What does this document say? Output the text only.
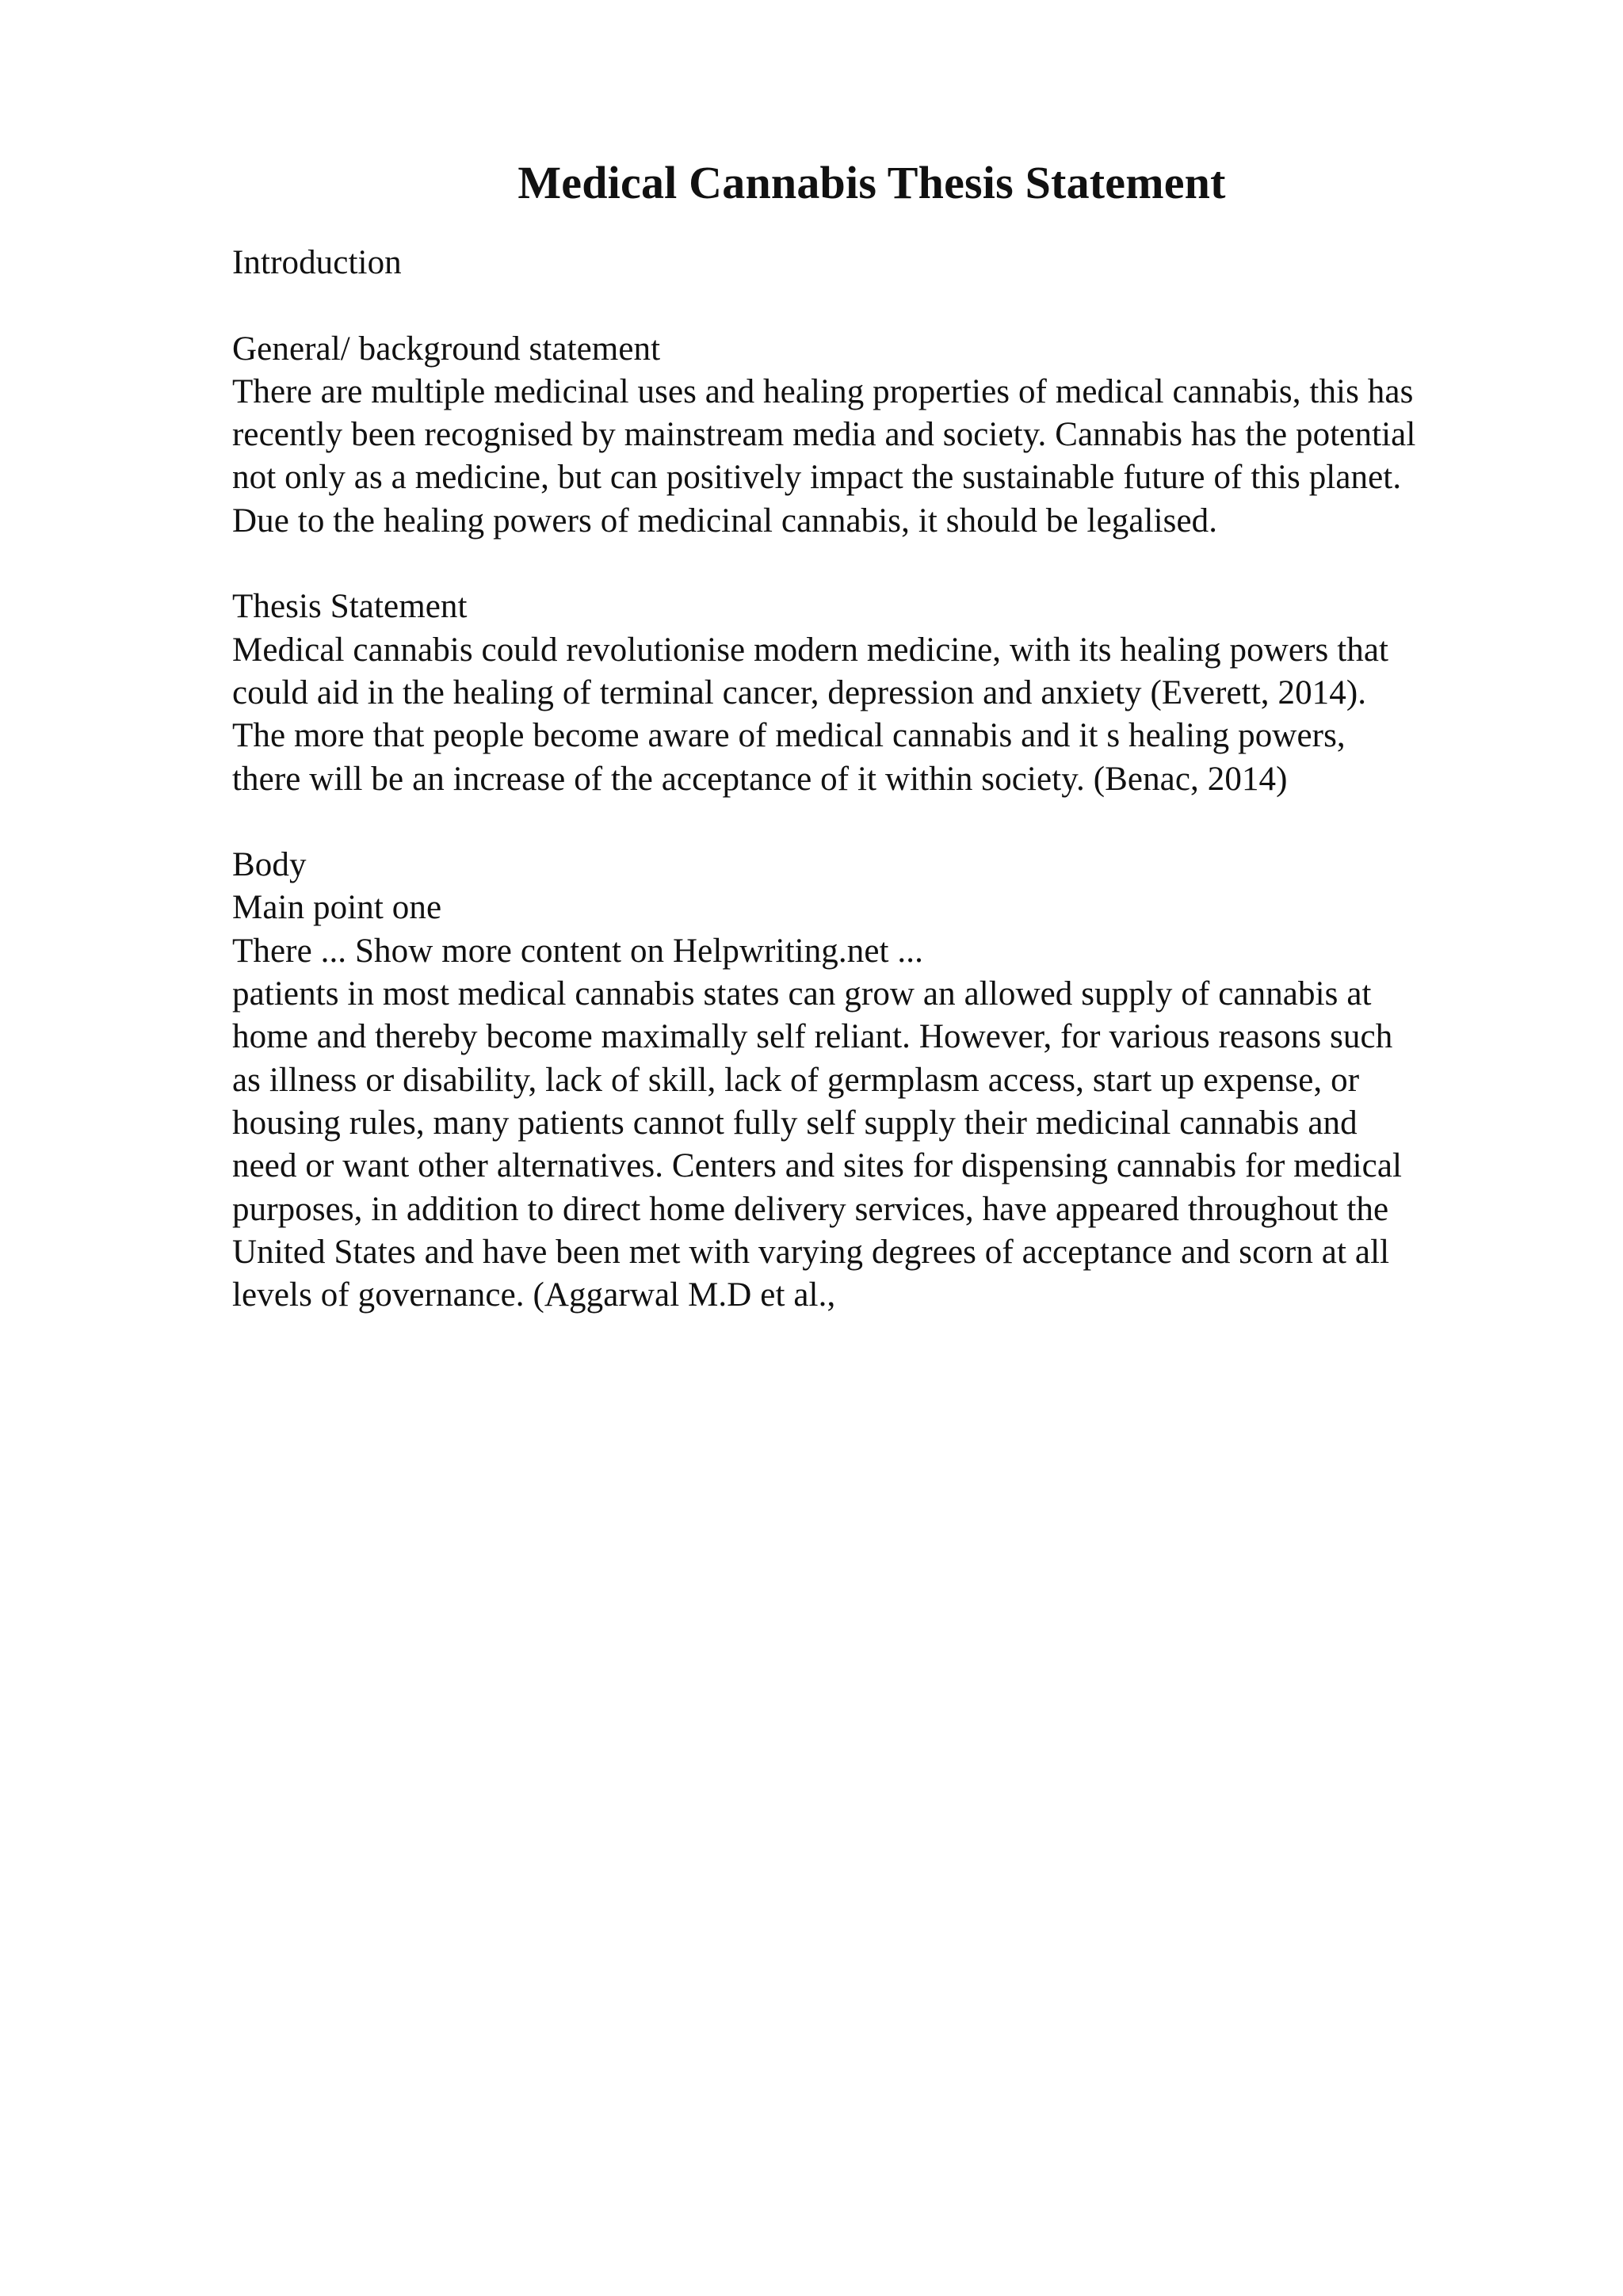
Medical Cannabis Thesis Statement

Introduction

General/ background statement

There are multiple medicinal uses and healing properties of medical cannabis, this has
recently been recognised by mainstream media and society. Cannabis has the potential
not only as a medicine, but can positively impact the sustainable future of this planet.
Due to the healing powers of medicinal cannabis, it should be legalised.

Thesis Statement

Medical cannabis could revolutionise modern medicine, with its healing powers that
could aid in the healing of terminal cancer, depression and anxiety (Everett, 2014).
The more that people become aware of medical cannabis and it s healing powers,
there will be an increase of the acceptance of it within society. (Benac, 2014)

Body

Main point one

There ... Show more content on Helpwriting.net ...

patients in most medical cannabis states can grow an allowed supply of cannabis at
home and thereby become maximally self reliant. However, for various reasons such
as illness or disability, lack of skill, lack of germplasm access, start up expense, or
housing rules, many patients cannot fully self supply their medicinal cannabis and
need or want other alternatives. Centers and sites for dispensing cannabis for medical
purposes, in addition to direct home delivery services, have appeared throughout the
United States and have been met with varying degrees of acceptance and scorn at all
levels of governance. (Aggarwal M.D et al.,
